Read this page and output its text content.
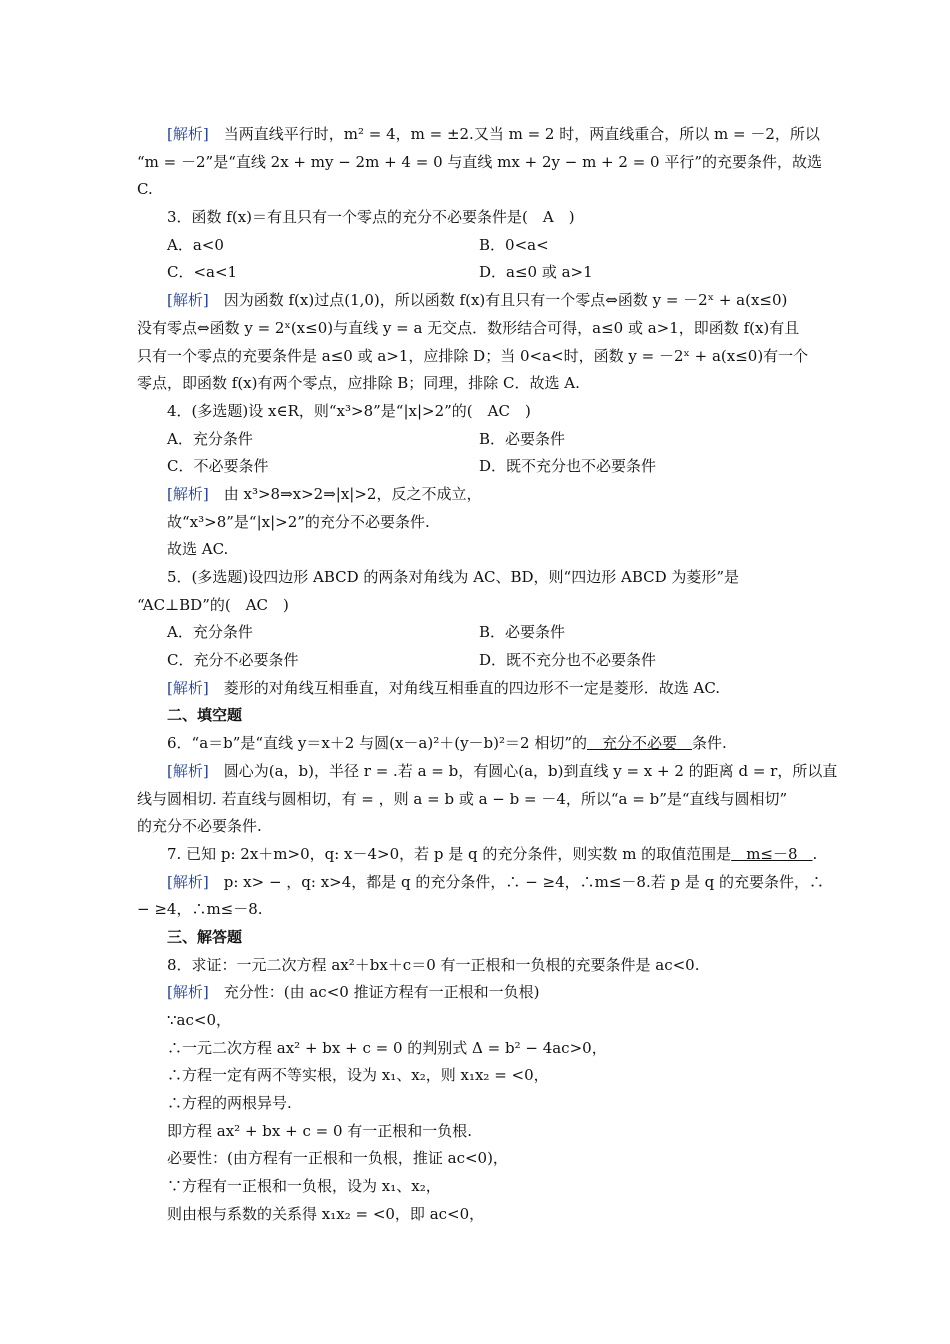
[解析]　 当两直线平行时，m² = 4，m = ±2.又当 m = 2 时，两直线重合，所以 m = －2，所以
“m = －2”是“直线 2x + my − 2m + 4 = 0 与直线 mx + 2y − m + 2 = 0 平行”的充要条件，故选
C.
3．函数 f(x)＝有且只有一个零点的充分不必要条件是(　A　)
A．a<0	B．0<a<
C．<a<1	D．a≤0 或 a>1
[解析]　 因为函数 f(x)过点(1,0)，所以函数 f(x)有且只有一个零点⇔函数 y = －2ˣ + a(x≤0)
没有零点⇔函数 y = 2ˣ(x≤0)与直线 y = a 无交点．数形结合可得，a≤0 或 a>1，即函数 f(x)有且
只有一个零点的充要条件是 a≤0 或 a>1，应排除 D；当 0<a<时，函数 y = －2ˣ + a(x≤0)有一个
零点，即函数 f(x)有两个零点，应排除 B；同理，排除 C．故选 A.
4．(多选题)设 x∈R，则“x³>8”是“|x|>2”的(　AC　)
A．充分条件	B．必要条件
C．不必要条件	D．既不充分也不必要条件
[解析]　 由 x³>8⇒x>2⇒|x|>2，反之不成立，
故“x³>8”是“|x|>2”的充分不必要条件.
故选 AC.
5．(多选题)设四边形 ABCD 的两条对角线为 AC、BD，则“四边形 ABCD 为菱形”是
“AC⊥BD”的(　AC　)
A．充分条件	B．必要条件
C．充分不必要条件	D．既不充分也不必要条件
[解析]　 菱形的对角线互相垂直，对角线互相垂直的四边形不一定是菱形．故选 AC.
二、填空题
6．“a＝b”是“直线 y＝x＋2 与圆(x－a)²＋(y－b)²＝2 相切”的　充分不必要　条件.
[解析]　 圆心为(a，b)，半径 r = .若 a = b，有圆心(a，b)到直线 y = x + 2 的距离 d = r，所以直
线与圆相切. 若直线与圆相切，有 = ，则 a = b 或 a − b = －4，所以“a = b”是“直线与圆相切”
的充分不必要条件.
7. 已知 p: 2x＋m>0，q: x－4>0，若 p 是 q 的充分条件，则实数 m 的取值范围是　m≤－8　.
[解析]　 p: x> − ，q: x>4，都是 q 的充分条件，∴ − ≥4，∴m≤－8.若 p 是 q 的充要条件，∴
− ≥4，∴m≤－8.
三、解答题
8．求证：一元二次方程 ax²＋bx＋c＝0 有一正根和一负根的充要条件是 ac<0.
[解析]　 充分性：(由 ac<0 推证方程有一正根和一负根)
∵ac<0，
∴一元二次方程 ax² + bx + c = 0 的判别式 Δ = b² − 4ac>0，
∴方程一定有两不等实根，设为 x₁、x₂，则 x₁x₂ = <0，
∴方程的两根异号.
即方程 ax² + bx + c = 0 有一正根和一负根.
必要性：(由方程有一正根和一负根，推证 ac<0)，
∵方程有一正根和一负根，设为 x₁、x₂，
则由根与系数的关系得 x₁x₂ = <0，即 ac<0，
